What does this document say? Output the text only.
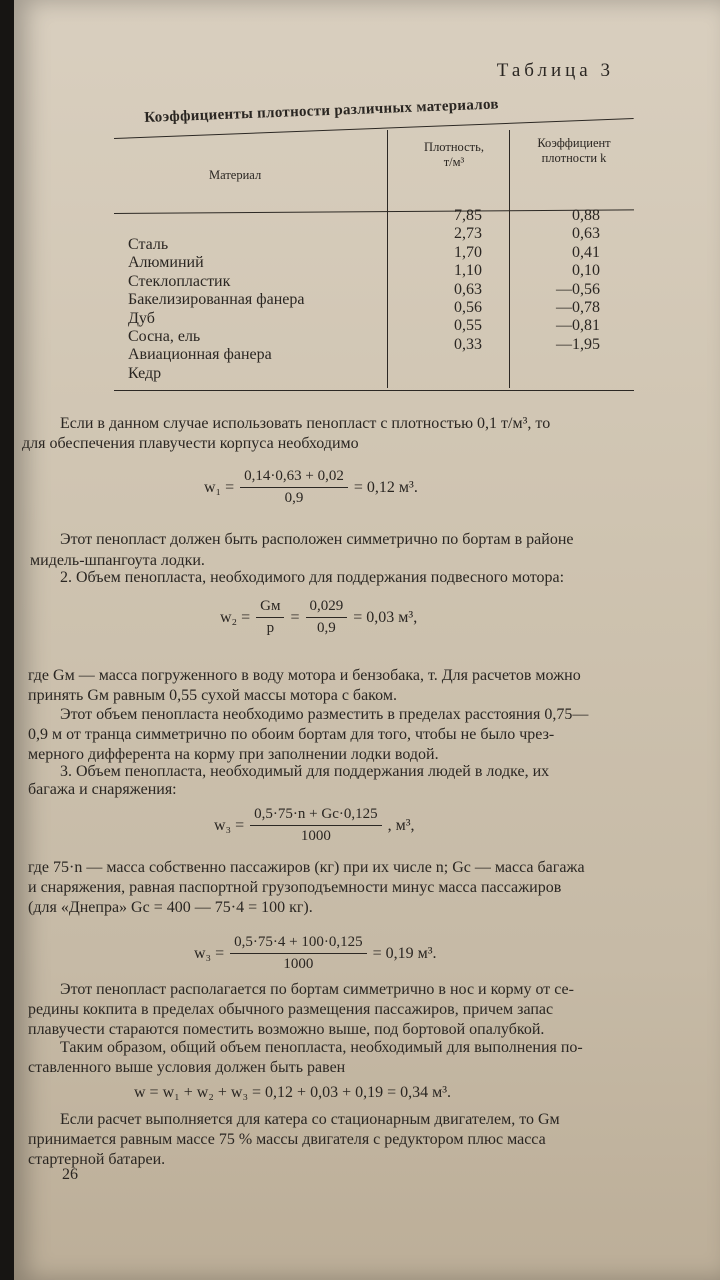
Таблица 3
Коэффициенты плотности различных материалов
Материал
Плотность,
т/м³
Коэффициент
плотности k
Сталь
Алюминий
Стеклопластик
Бакелизированная фанера
Дуб
Сосна, ель
Авиационная фанера
Кедр
7,85
2,73
1,70
1,10
0,63
0,56
0,55
0,33
0,88
0,63
0,41
0,10
—0,56
—0,78
—0,81
—1,95
Если в данном случае использовать пенопласт с плотностью 0,1 т/м³, то
для обеспечения плавучести корпуса необходимо
$w_1 = \frac{0,14\cdot 0,63 + 0,02}{0,9} = 0,12$ м³.
Этот пенопласт должен быть расположен симметрично по бортам в районе
мидель-шпангоута лодки.
2. Объем пенопласта, необходимого для поддержания подвесного мотора:
$w_2 = \frac{Gм}{p} = \frac{0,029}{0,9} = 0,03$ м³,
где Gм — масса погруженного в воду мотора и бензобака, т. Для расчетов можно
принять Gм равным 0,55 сухой массы мотора с баком.
Этот объем пенопласта необходимо разместить в пределах расстояния 0,75—
0,9 м от транца симметрично по обоим бортам для того, чтобы не было чрез-
мерного дифферента на корму при заполнении лодки водой.
3. Объем пенопласта, необходимый для поддержания людей в лодке, их
багажа и снаряжения:
$w_3 = \frac{0,5\cdot 75\cdot n + Gс\cdot 0,125}{1000}$ , м³,
где 75·n — масса собственно пассажиров (кг) при их числе n; Gс — масса багажа
и снаряжения, равная паспортной грузоподъемности минус масса пассажиров
(для «Днепра» Gс = 400 — 75·4 = 100 кг).
$w_3 = \frac{0,5\cdot 75\cdot 4 + 100\cdot 0,125}{1000} = 0,19$ м³.
Этот пенопласт располагается по бортам симметрично в нос и корму от се-
редины кокпита в пределах обычного размещения пассажиров, причем запас
плавучести стараются поместить возможно выше, под бортовой опалубкой.
Таким образом, общий объем пенопласта, необходимый для выполнения по-
ставленного выше условия должен быть равен
w = w₁ + w₂ + w₃ = 0,12 + 0,03 + 0,19 = 0,34 м³.
Если расчет выполняется для катера со стационарным двигателем, то Gм
принимается равным массе 75 % массы двигателя с редуктором плюс масса
стартерной батареи.
26
